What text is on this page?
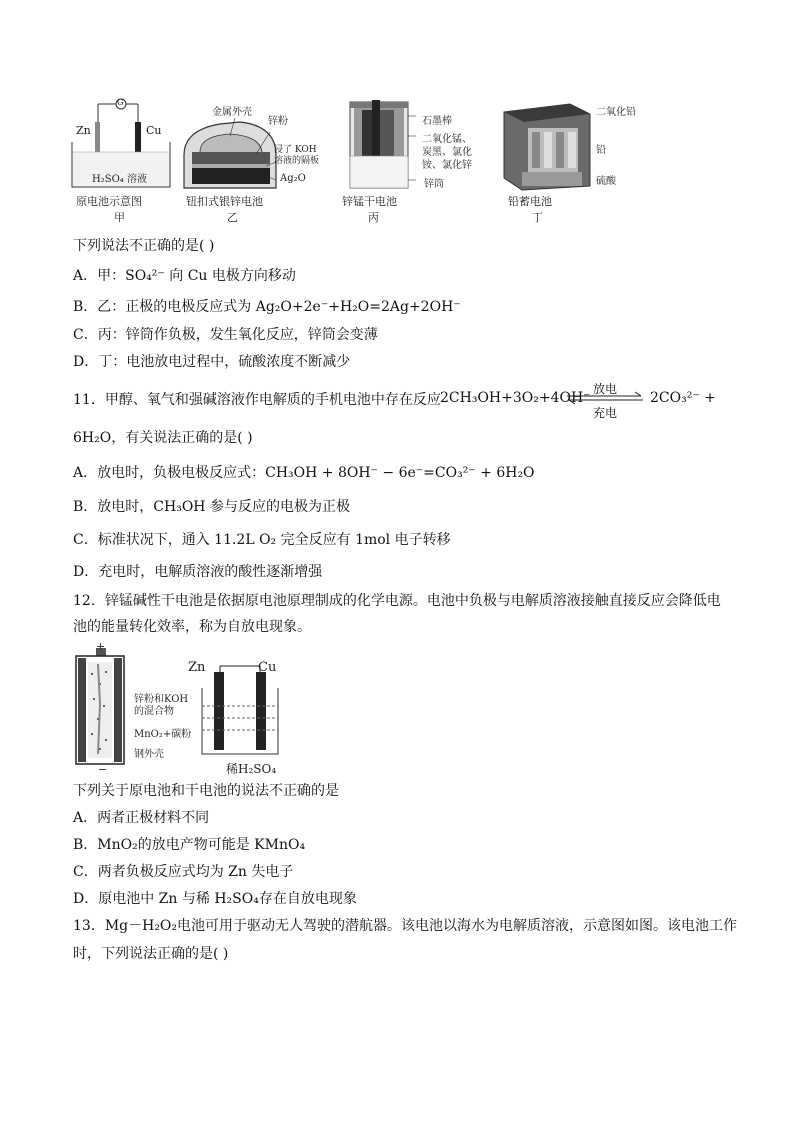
G
Zn	Cu
H₂SO₄ 溶液
原电池示意图
甲
金属外壳
锌粉
浸了 KOH
溶液的隔板
Ag₂O
钮扣式银锌电池
乙
石墨棒
二氧化锰、
炭黑、氯化
铵、氯化锌
锌筒
锌锰干电池
丙
二氧化铅
铅
硫酸
铅蓄电池
丁
下列说法不正确的是( )
A．甲：SO₄²⁻ 向 Cu 电极方向移动
B．乙：正极的电极反应式为 Ag₂O+2e⁻+H₂O=2Ag+2OH⁻
C．丙：锌筒作负极，发生氧化反应，锌筒会变薄
D．丁：电池放电过程中，硫酸浓度不断减少
11．甲醇、氧气和强碱溶液作电解质的手机电池中存在反应 2CH₃OH+3O₂+4OH⁻
放电
充电
2CO₃²⁻ +
6H₂O，有关说法正确的是( )
A．放电时，负极电极反应式：CH₃OH + 8OH⁻ − 6e⁻=CO₃²⁻ + 6H₂O
B．放电时，CH₃OH 参与反应的电极为正极
C．标准状况下，通入 11.2L O₂ 完全反应有 1mol 电子转移
D．充电时，电解质溶液的酸性逐渐增强
12．锌锰碱性干电池是依据原电池原理制成的化学电源。电池中负极与电解质溶液接触直接反应会降低电
池的能量转化效率，称为自放电现象。
+
−
锌粉和KOH
的混合物
MnO₂+碳粉
钢外壳
Zn	Cu
稀H₂SO₄
下列关于原电池和干电池的说法不正确的是
A．两者正极材料不同
B．MnO₂的放电产物可能是 KMnO₄
C．两者负极反应式均为 Zn 失电子
D．原电池中 Zn 与稀 H₂SO₄存在自放电现象
13．Mg－H₂O₂电池可用于驱动无人驾驶的潜航器。该电池以海水为电解质溶液，示意图如图。该电池工作
时，下列说法正确的是( )
